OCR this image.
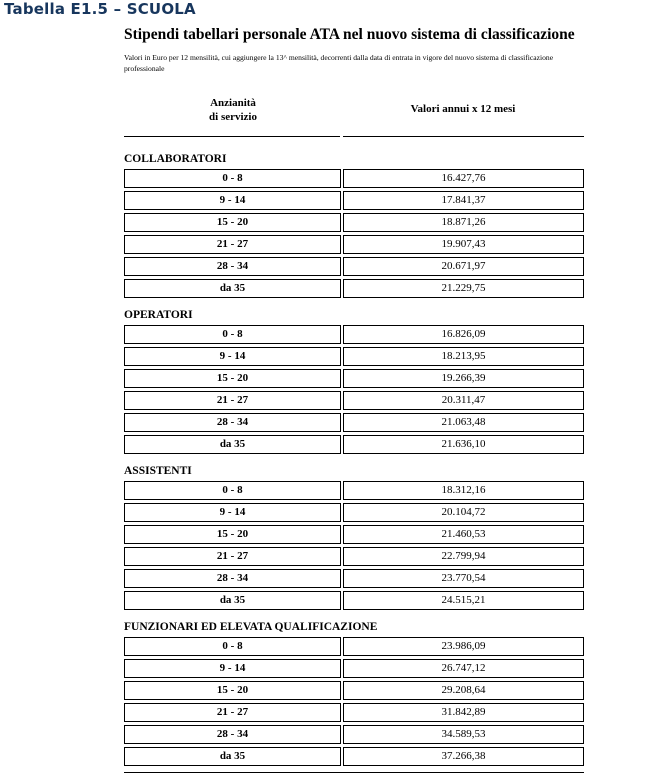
Tabella E1.5 – SCUOLA
Stipendi tabellari personale ATA nel nuovo sistema di classificazione
Valori in Euro per 12 mensilità, cui aggiungere la 13^ mensilità, decorrenti dalla data di entrata in vigore del nuovo sistema di classificazione professionale
Anzianità
di servizio
Valori annui x 12 mesi
COLLABORATORI
0 - 8	16.427,76
9 - 14	17.841,37
15 - 20	18.871,26
21 - 27	19.907,43
28 - 34	20.671,97
da 35	21.229,75
OPERATORI
0 - 8	16.826,09
9 - 14	18.213,95
15 - 20	19.266,39
21 - 27	20.311,47
28 - 34	21.063,48
da 35	21.636,10
ASSISTENTI
0 - 8	18.312,16
9 - 14	20.104,72
15 - 20	21.460,53
21 - 27	22.799,94
28 - 34	23.770,54
da 35	24.515,21
FUNZIONARI ED ELEVATA QUALIFICAZIONE
0 - 8	23.986,09
9 - 14	26.747,12
15 - 20	29.208,64
21 - 27	31.842,89
28 - 34	34.589,53
da 35	37.266,38
